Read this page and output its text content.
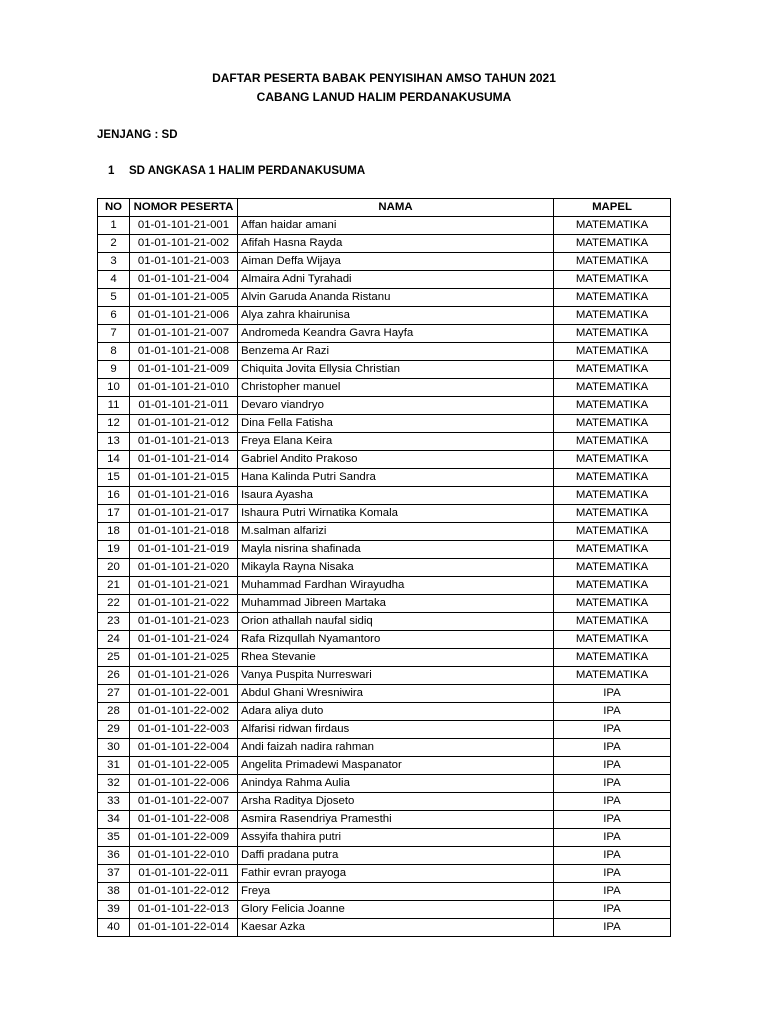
DAFTAR PESERTA BABAK PENYISIHAN AMSO TAHUN 2021
CABANG LANUD HALIM PERDANAKUSUMA
JENJANG : SD
1 SD ANGKASA 1 HALIM PERDANAKUSUMA
NO	NOMOR PESERTA	NAMA	MAPEL
1	01-01-101-21-001	Affan haidar amani	MATEMATIKA
2	01-01-101-21-002	Afifah Hasna Rayda	MATEMATIKA
3	01-01-101-21-003	Aiman Deffa Wijaya	MATEMATIKA
4	01-01-101-21-004	Almaira Adni Tyrahadi	MATEMATIKA
5	01-01-101-21-005	Alvin Garuda Ananda Ristanu	MATEMATIKA
6	01-01-101-21-006	Alya zahra khairunisa	MATEMATIKA
7	01-01-101-21-007	Andromeda Keandra Gavra Hayfa	MATEMATIKA
8	01-01-101-21-008	Benzema Ar Razi	MATEMATIKA
9	01-01-101-21-009	Chiquita Jovita Ellysia Christian	MATEMATIKA
10	01-01-101-21-010	Christopher manuel	MATEMATIKA
11	01-01-101-21-011	Devaro viandryo	MATEMATIKA
12	01-01-101-21-012	Dina Fella Fatisha	MATEMATIKA
13	01-01-101-21-013	Freya Elana Keira	MATEMATIKA
14	01-01-101-21-014	Gabriel Andito Prakoso	MATEMATIKA
15	01-01-101-21-015	Hana Kalinda Putri Sandra	MATEMATIKA
16	01-01-101-21-016	Isaura Ayasha	MATEMATIKA
17	01-01-101-21-017	Ishaura Putri Wirnatika Komala	MATEMATIKA
18	01-01-101-21-018	M.salman alfarizi	MATEMATIKA
19	01-01-101-21-019	Mayla nisrina shafinada	MATEMATIKA
20	01-01-101-21-020	Mikayla Rayna Nisaka	MATEMATIKA
21	01-01-101-21-021	Muhammad Fardhan Wirayudha	MATEMATIKA
22	01-01-101-21-022	Muhammad Jibreen Martaka	MATEMATIKA
23	01-01-101-21-023	Orion athallah naufal sidiq	MATEMATIKA
24	01-01-101-21-024	Rafa Rizqullah Nyamantoro	MATEMATIKA
25	01-01-101-21-025	Rhea Stevanie	MATEMATIKA
26	01-01-101-21-026	Vanya Puspita Nurreswari	MATEMATIKA
27	01-01-101-22-001	Abdul Ghani Wresniwira	IPA
28	01-01-101-22-002	Adara aliya duto	IPA
29	01-01-101-22-003	Alfarisi ridwan firdaus	IPA
30	01-01-101-22-004	Andi faizah nadira rahman	IPA
31	01-01-101-22-005	Angelita Primadewi Maspanator	IPA
32	01-01-101-22-006	Anindya Rahma Aulia	IPA
33	01-01-101-22-007	Arsha Raditya Djoseto	IPA
34	01-01-101-22-008	Asmira Rasendriya Pramesthi	IPA
35	01-01-101-22-009	Assyifa thahira putri	IPA
36	01-01-101-22-010	Daffi pradana putra	IPA
37	01-01-101-22-011	Fathir evran prayoga	IPA
38	01-01-101-22-012	Freya	IPA
39	01-01-101-22-013	Glory Felicia Joanne	IPA
40	01-01-101-22-014	Kaesar Azka	IPA
